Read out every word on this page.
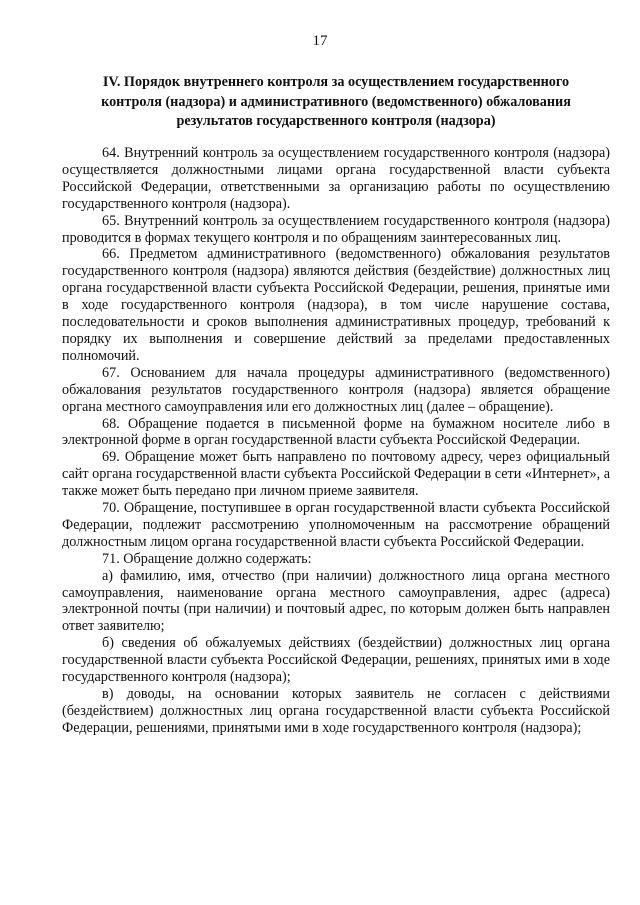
17
IV. Порядок внутреннего контроля за осуществлением государственного
контроля (надзора) и административного (ведомственного) обжалования
результатов государственного контроля (надзора)

64. Внутренний контроль за осуществлением государственного контроля (надзора) осуществляется должностными лицами органа государственной власти субъекта Российской Федерации, ответственными за организацию работы по осуществлению государственного контроля (надзора).

65. Внутренний контроль за осуществлением государственного контроля (надзора) проводится в формах текущего контроля и по обращениям заинтересованных лиц.

66. Предметом административного (ведомственного) обжалования результатов государственного контроля (надзора) являются действия (бездействие) должностных лиц органа государственной власти субъекта Российской Федерации, решения, принятые ими в ходе государственного контроля (надзора), в том числе нарушение состава, последовательности и сроков выполнения административных процедур, требований к порядку их выполнения и совершение действий за пределами предоставленных полномочий.

67. Основанием для начала процедуры административного (ведомственного) обжалования результатов государственного контроля (надзора) является обращение органа местного самоуправления или его должностных лиц (далее – обращение).

68. Обращение подается в письменной форме на бумажном носителе либо в электронной форме в орган государственной власти субъекта Российской Федерации.

69. Обращение может быть направлено по почтовому адресу, через официальный сайт органа государственной власти субъекта Российской Федерации в сети «Интернет», а также может быть передано при личном приеме заявителя.

70. Обращение, поступившее в орган государственной власти субъекта Российской Федерации, подлежит рассмотрению уполномоченным на рассмотрение обращений должностным лицом органа государственной власти субъекта Российской Федерации.

71. Обращение должно содержать:

а) фамилию, имя, отчество (при наличии) должностного лица органа местного самоуправления, наименование органа местного самоуправления, адрес (адреса) электронной почты (при наличии) и почтовый адрес, по которым должен быть направлен ответ заявителю;

б) сведения об обжалуемых действиях (бездействии) должностных лиц органа государственной власти субъекта Российской Федерации, решениях, принятых ими в ходе государственного контроля (надзора);

в) доводы, на основании которых заявитель не согласен с действиями (бездействием) должностных лиц органа государственной власти субъекта Российской Федерации, решениями, принятыми ими в ходе государственного контроля (надзора);
